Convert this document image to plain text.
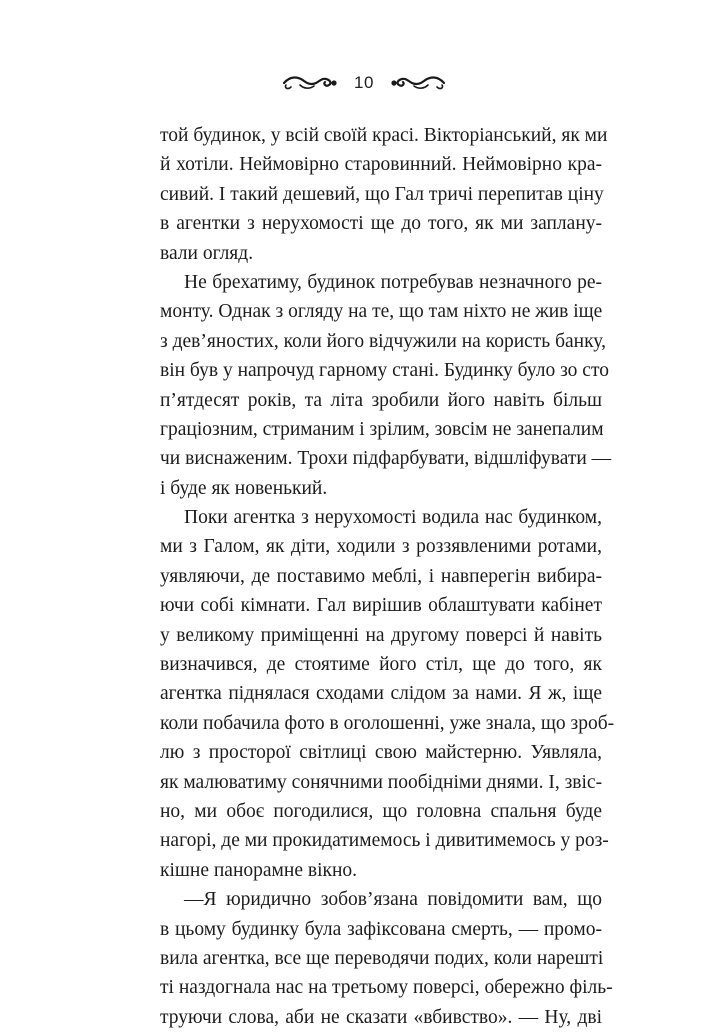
10
той будинок, у всій своїй красі. Вікторіанський, як ми
й хотіли. Неймовірно старовинний. Неймовірно кра-
сивий. І такий дешевий, що Гал тричі перепитав ціну
в агентки з нерухомості ще до того, як ми заплану-
вали огляд.
Не брехатиму, будинок потребував незначного ре-
монту. Однак з огляду на те, що там ніхто не жив іще
з дев’яностих, коли його відчужили на користь банку,
він був у напрочуд гарному стані. Будинку було зо сто
п’ятдесят років, та літа зробили його навіть більш
граціозним, стриманим і зрілим, зовсім не занепалим
чи виснаженим. Трохи підфарбувати, відшліфувати —
і буде як новенький.
Поки агентка з нерухомості водила нас будинком,
ми з Галом, як діти, ходили з роззявленими ротами,
уявляючи, де поставимо меблі, і навперегін вибира-
ючи собі кімнати. Гал вирішив облаштувати кабінет
у великому приміщенні на другому поверсі й навіть
визначився, де стоятиме його стіл, ще до того, як
агентка піднялася сходами слідом за нами. Я ж, іще
коли побачила фото в оголошенні, уже знала, що зроб-
лю з просторої світлиці свою майстерню. Уявляла,
як малюватиму сонячними пообідніми днями. І, звіс-
но, ми обоє погодилися, що головна спальня буде
нагорі, де ми прокидатимемось і дивитимемось у роз-
кішне панорамне вікно.
—Я юридично зобов’язана повідомити вам, що
в цьому будинку була зафіксована смерть, — промо-
вила агентка, все ще переводячи подих, коли нарешті
ті наздогнала нас на третьому поверсі, обережно філь-
труючи слова, аби не сказати «вбивство». — Ну, дві
